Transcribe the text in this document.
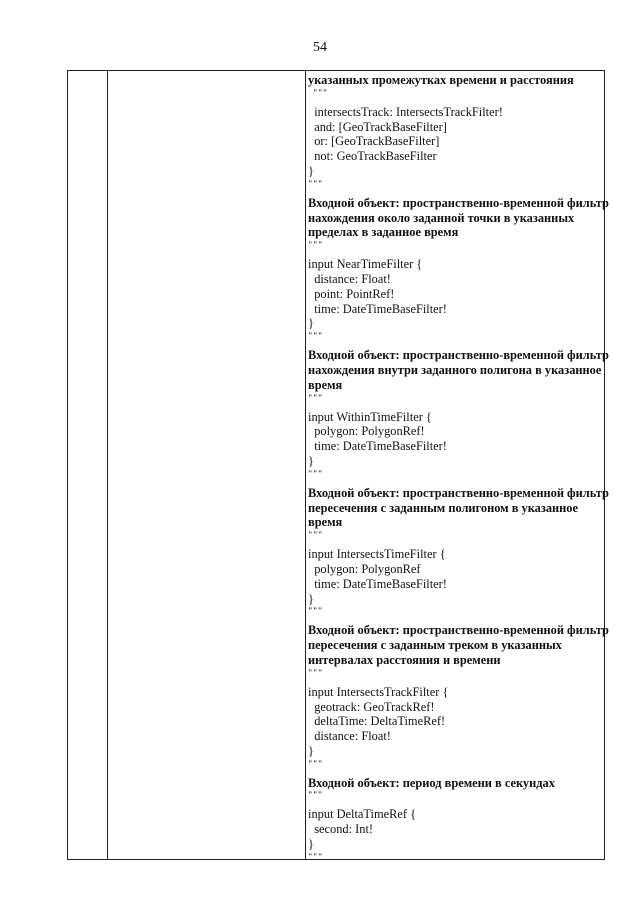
54
указанных промежутках времени и расстояния
"""
intersectsTrack: IntersectsTrackFilter!
and: [GeoTrackBaseFilter]
or: [GeoTrackBaseFilter]
not: GeoTrackBaseFilter
}
"""
Входной объект: пространственно-временной фильтр
нахождения около заданной точки в указанных
пределах в заданное время
"""
input NearTimeFilter {
distance: Float!
point: PointRef!
time: DateTimeBaseFilter!
}
"""
Входной объект: пространственно-временной фильтр
нахождения внутри заданного полигона в указанное
время
"""
input WithinTimeFilter {
polygon: PolygonRef!
time: DateTimeBaseFilter!
}
"""
Входной объект: пространственно-временной фильтр
пересечения с заданным полигоном в указанное
время
"""
input IntersectsTimeFilter {
polygon: PolygonRef
time: DateTimeBaseFilter!
}
"""
Входной объект: пространственно-временной фильтр
пересечения с заданным треком в указанных
интервалах расстояния и времени
"""
input IntersectsTrackFilter {
geotrack: GeoTrackRef!
deltaTime: DeltaTimeRef!
distance: Float!
}
"""
Входной объект: период времени в секундах
"""
input DeltaTimeRef {
second: Int!
}
"""
